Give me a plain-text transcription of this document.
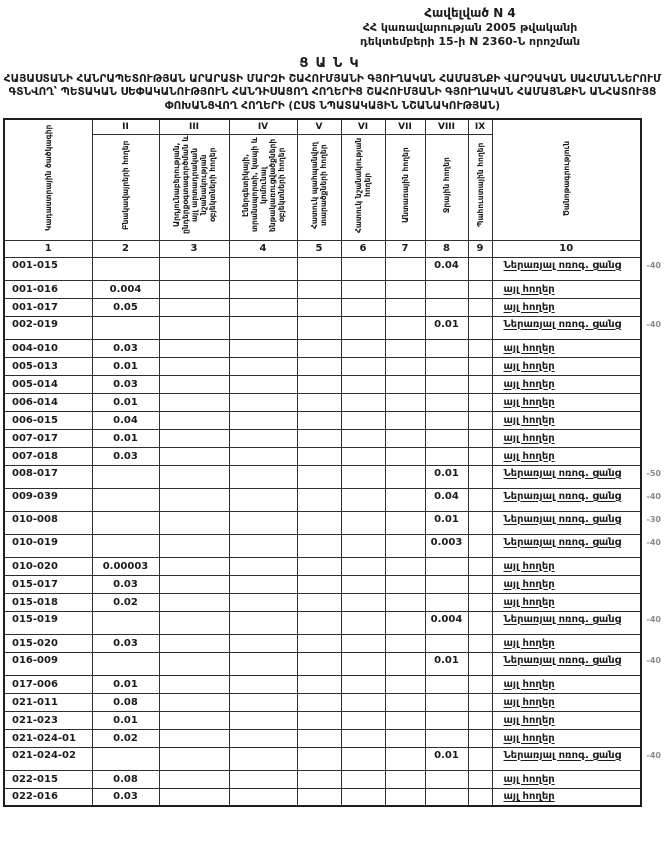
Հավելված N 4
ՀՀ կառավարության 2005 թվականի
դեկտեմբերի 15-ի N 2360-Ն որոշման
ՑԱՆԿ
ՀԱՅԱՍՏԱՆԻ ՀԱՆՐԱՊԵՏՈՒԹՅԱՆ ԱՐԱՐԱՏԻ ՄԱՐԶԻ ՇԱՀՈՒՄՅԱՆԻ ԳՅՈՒՂԱԿԱՆ ՀԱՄԱՅՆՔԻ ՎԱՐՉԱԿԱՆ ՍԱՀՄԱՆՆԵՐՈՒՄ ԳՏՆՎՈՂ՝ ՊԵՏԱԿԱՆ ՍԵՓԱԿԱՆՈՒԹՅՈՒՆ ՀԱՆԴԻՍԱՑՈՂ ՀՈՂԵՐԻՑ ՇԱՀՈՒՄՅԱՆԻ ԳՅՈՒՂԱԿԱՆ ՀԱՄԱՅՆՔԻՆ ԱՆՀԱՏՈՒՅՑ ՓՈԽԱՆՑՎՈՂ ՀՈՂԵՐԻ (ԸՍՏ ՆՊԱՏԱԿԱՅԻՆ ՆՇԱՆԱԿՈՒԹՅԱՆ)
Կադաստրային ծածկագիր	II	III	IV	V	VI	VII	VIII	IX	Ծանոթագրություն
	Բնակավայրերի հողեր	Արդյունաբերության, ընդերքօգտագործման և այլ արտադրական նշանակության օբյեկտների հողեր	Էներգետիկայի, տրանսպորտի, կապի և կոմունալ ենթակառուցվածքների օբյեկտների հողեր	Հատուկ պահպանվող տարածքների հողեր	Հատուկ նշանակության հողեր	Անտառային հողեր	Ջրային հողեր	Պահուստային հողեր	
1	2	3	4	5	6	7	8	9	10
001-015							0.04		Ներառյալ ոռոգ. ցանց -40

001-016	0.004								այլ հողեր
001-017	0.05								այլ հողեր
002-019							0.01		Ներառյալ ոռոգ. ցանց -40

004-010	0.03								այլ հողեր
005-013	0.01								այլ հողեր
005-014	0.03								այլ հողեր
006-014	0.01								այլ հողեր
006-015	0.04								այլ հողեր
007-017	0.01								այլ հողեր
007-018	0.03								այլ հողեր
008-017							0.01		Ներառյալ ոռոգ. ցանց -50

009-039							0.04		Ներառյալ ոռոգ. ցանց -40

010-008							0.01		Ներառյալ ոռոգ. ցանց -30

010-019							0.003		Ներառյալ ոռոգ. ցանց -40

010-020	0.00003								այլ հողեր
015-017	0.03								այլ հողեր
015-018	0.02								այլ հողեր
015-019							0.004		Ներառյալ ոռոգ. ցանց -40

015-020	0.03								այլ հողեր
016-009							0.01		Ներառյալ ոռոգ. ցանց -40

017-006	0.01								այլ հողեր
021-011	0.08								այլ հողեր
021-023	0.01								այլ հողեր
021-024-01	0.02								այլ հողեր
021-024-02							0.01		Ներառյալ ոռոգ. ցանց -40

022-015	0.08								այլ հողեր
022-016	0.03								այլ հողեր
